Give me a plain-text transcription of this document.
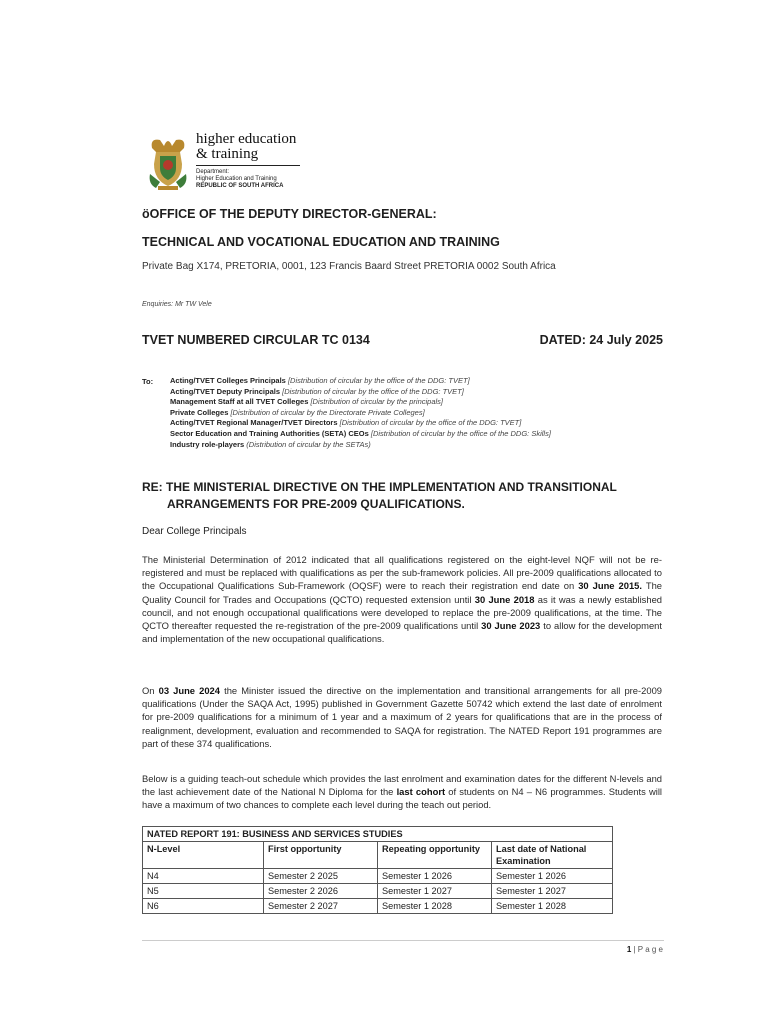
higher education
& training
Department:
Higher Education and Training
REPUBLIC OF SOUTH AFRICA
öOFFICE OF THE DEPUTY DIRECTOR-GENERAL:
TECHNICAL AND VOCATIONAL EDUCATION AND TRAINING
Private Bag X174, PRETORIA, 0001, 123 Francis Baard Street PRETORIA 0002 South Africa
Enquiries: Mr TW Vele
TVET NUMBERED CIRCULAR TC 0134	DATED: 24 July 2025
To: Acting/TVET Colleges Principals [Distribution of circular by the office of the DDG: TVET]
Acting/TVET Deputy Principals [Distribution of circular by the office of the DDG: TVET]
Management Staff at all TVET Colleges [Distribution of circular by the principals]
Private Colleges [Distribution of circular by the Directorate Private Colleges]
Acting/TVET Regional Manager/TVET Directors [Distribution of circular by the office of the DDG: TVET]
Sector Education and Training Authorities (SETA) CEOs [Distribution of circular by the office of the DDG: Skills]
Industry role-players (Distribution of circular by the SETAs)
RE: THE MINISTERIAL DIRECTIVE ON THE IMPLEMENTATION AND TRANSITIONAL
ARRANGEMENTS FOR PRE-2009 QUALIFICATIONS.
Dear College Principals
The Ministerial Determination of 2012 indicated that all qualifications registered on the eight-level NQF will not be re-registered and must be replaced with qualifications as per the sub-framework policies. All pre-2009 qualifications allocated to the Occupational Qualifications Sub-Framework (OQSF) were to reach their registration end date on 30 June 2015. The Quality Council for Trades and Occupations (QCTO) requested extension until 30 June 2018 as it was a newly established council, and not enough occupational qualifications were developed to replace the pre-2009 qualifications, at the time. The QCTO thereafter requested the re-registration of the pre-2009 qualifications until 30 June 2023 to allow for the development and implementation of the new occupational qualifications.
On 03 June 2024 the Minister issued the directive on the implementation and transitional arrangements for all pre-2009 qualifications (Under the SAQA Act, 1995) published in Government Gazette 50742 which extend the last date of enrolment for pre-2009 qualifications for a minimum of 1 year and a maximum of 2 years for qualifications that are in the process of realignment, development, evaluation and recommended to SAQA for registration. The NATED Report 191 programmes are part of these 374 qualifications.
Below is a guiding teach-out schedule which provides the last enrolment and examination dates for the different N-levels and the last achievement date of the National N Diploma for the last cohort of students on N4 – N6 programmes. Students will have a maximum of two chances to complete each level during the teach out period.
NATED REPORT 191: BUSINESS AND SERVICES STUDIES			
N-Level	First opportunity	Repeating opportunity	Last date of National Examination
N4	Semester 2 2025	Semester 1 2026	Semester 1 2026
N5	Semester 2 2026	Semester 1 2027	Semester 1 2027
N6	Semester 2 2027	Semester 1 2028	Semester 1 2028
1 | P a g e
